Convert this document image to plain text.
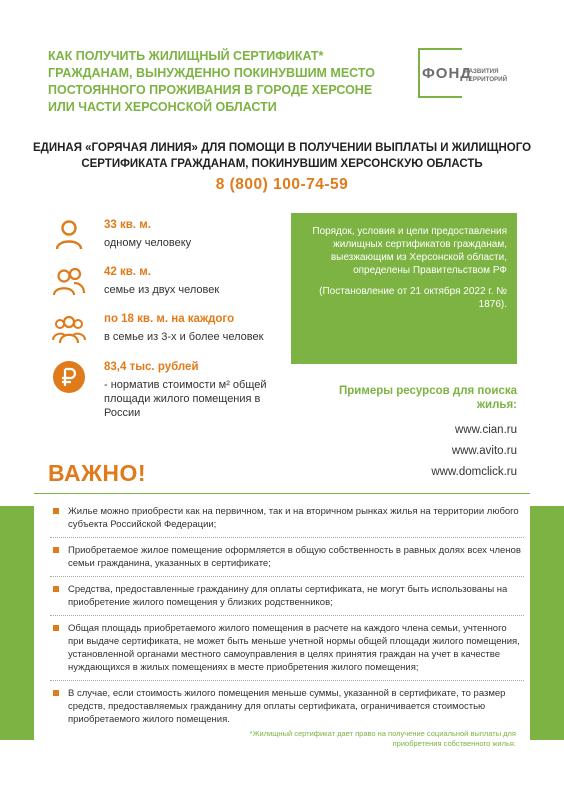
КАК ПОЛУЧИТЬ ЖИЛИЩНЫЙ СЕРТИФИКАТ* ГРАЖДАНАМ, ВЫНУЖДЕННО ПОКИНУВШИМ МЕСТО ПОСТОЯННОГО ПРОЖИВАНИЯ В ГОРОДЕ ХЕРСОНЕ ИЛИ ЧАСТИ ХЕРСОНСКОЙ ОБЛАСТИ
ФОНД
РАЗВИТИЯ
ТЕРРИТОРИЙ
ЕДИНАЯ «ГОРЯЧАЯ ЛИНИЯ» ДЛЯ ПОМОЩИ В ПОЛУЧЕНИИ ВЫПЛАТЫ И ЖИЛИЩНОГО СЕРТИФИКАТА ГРАЖДАНАМ, ПОКИНУВШИМ ХЕРСОНСКУЮ ОБЛАСТЬ
8 (800) 100-74-59
33 кв. м.
одному человеку
42 кв. м.
семье из двух человек
по 18 кв. м. на каждого
в семье из 3-х и более человек
83,4 тыс. рублей
- норматив стоимости м² общей площади жилого помещения в России

Порядок, условия и цели предоставления жилищных сертификатов гражданам, выезжающим из Херсонской области, определены Правительством РФ

(Постановление от 21 октября 2022 г. № 1876).

Примеры ресурсов для поиска жилья:
www.cian.ru
www.avito.ru
www.domclick.ru
ВАЖНО!
Жилье можно приобрести как на первичном, так и на вторичном рынках жилья на территории любого субъекта Российской Федерации;
Приобретаемое жилое помещение оформляется в общую собственность в равных долях всех членов семьи гражданина, указанных в сертификате;
Средства, предоставленные гражданину для оплаты сертификата, не могут быть использованы на приобретение жилого помещения у близких родственников;
Общая площадь приобретаемого жилого помещения в расчете на каждого члена семьи, учтенного при выдаче сертификата, не может быть меньше учетной нормы общей площади жилого помещения, установленной органами местного самоуправления в целях принятия граждан на учет в качестве нуждающихся в жилых помещениях в месте приобретения жилого помещения;
В случае, если стоимость жилого помещения меньше суммы, указанной в сертификате, то размер средств, предоставляемых гражданину для оплаты сертификата, ограничивается стоимостью приобретаемого жилого помещения.
*Жилищный сертификат дает право на получение социальной выплаты для приобретения собственного жилья.
